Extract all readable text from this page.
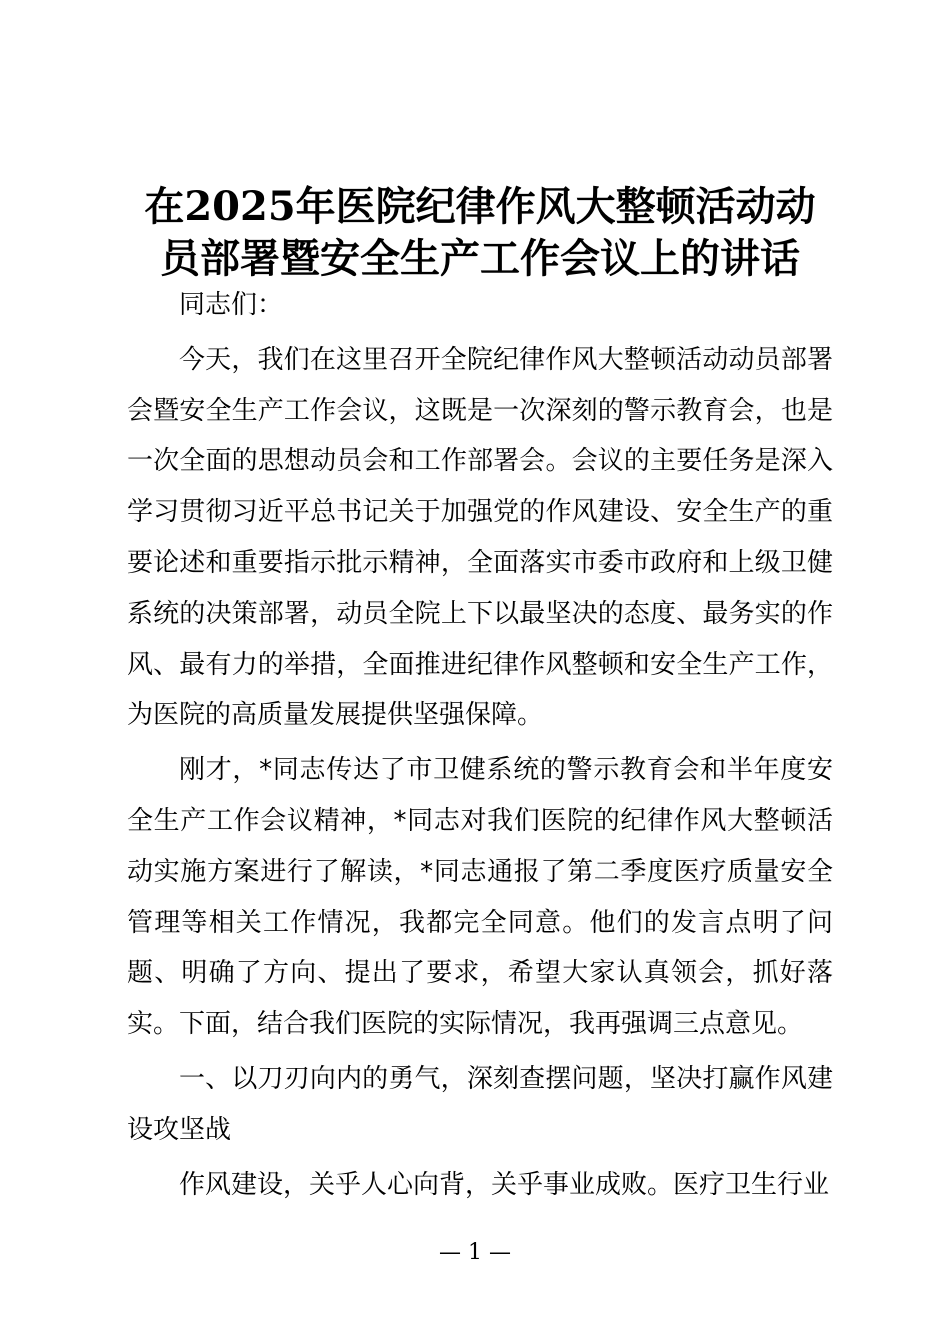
在2025年医院纪律作风大整顿活动动
员部署暨安全生产工作会议上的讲话

同志们：

今天，我们在这里召开全院纪律作风大整顿活动动员部署会暨安全生产工作会议，这既是一次深刻的警示教育会，也是一次全面的思想动员会和工作部署会。会议的主要任务是深入学习贯彻习近平总书记关于加强党的作风建设、安全生产的重要论述和重要指示批示精神，全面落实市委市政府和上级卫健系统的决策部署，动员全院上下以最坚决的态度、最务实的作风、最有力的举措，全面推进纪律作风整顿和安全生产工作，为医院的高质量发展提供坚强保障。

刚才，*同志传达了市卫健系统的警示教育会和半年度安全生产工作会议精神，*同志对我们医院的纪律作风大整顿活动实施方案进行了解读，*同志通报了第二季度医疗质量安全管理等相关工作情况，我都完全同意。他们的发言点明了问题、明确了方向、提出了要求，希望大家认真领会，抓好落实。下面，结合我们医院的实际情况，我再强调三点意见。

一、以刀刃向内的勇气，深刻查摆问题，坚决打赢作风建设攻坚战

作风建设，关乎人心向背，关乎事业成败。医疗卫生行业

— 1 —
